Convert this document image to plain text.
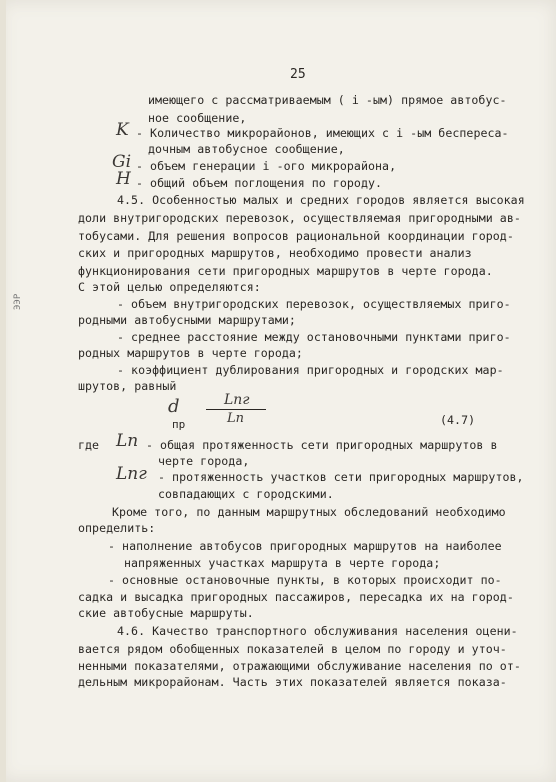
25
ЭЭР
имеющего с рассматриваемым ( i -ым) прямое автобус-
ное сообщение,
K - Количество микрорайонов, имеющих с i -ым беспереса-
дочным автобусное сообщение,
Gi - объем генерации i -ого микрорайона,
H - общий объем поглощения по городу.
4.5. Особенностью малых и средних городов является высокая
доли внутригородских перевозок, осуществляемая пригородными ав-
тобусами. Для решения вопросов рациональной координации город-
ских и пригородных маршрутов, необходимо провести анализ
функционирования сети пригородных маршрутов в черте города.
С этой целью определяются:
- объем внутригородских перевозок, осуществляемых приго-
родными автобусными маршрутами;
- среднее расстояние между остановочными пунктами приго-
родных маршрутов в черте города;
- коэффициент дублирования пригородных и городских мар-
шрутов, равный
d
пр
Lпг
Lп	(4.7)
где Lп - общая протяженность сети пригородных маршрутов в
черте города,
Lпг - протяженность участков сети пригородных маршрутов,
совпадающих с городскими.
Кроме того, по данным маршрутных обследований необходимо
определить:
- наполнение автобусов пригородных маршрутов на наиболее
напряженных участках маршрута в черте города;
- основные остановочные пункты, в которых происходит по-
садка и высадка пригородных пассажиров, пересадка их на город-
ские автобусные маршруты.
4.6. Качество транспортного обслуживания населения оцени-
вается рядом обобщенных показателей в целом по городу и уточ-
ненными показателями, отражающими обслуживание населения по от-
дельным микрорайонам. Часть этих показателей является показа-
